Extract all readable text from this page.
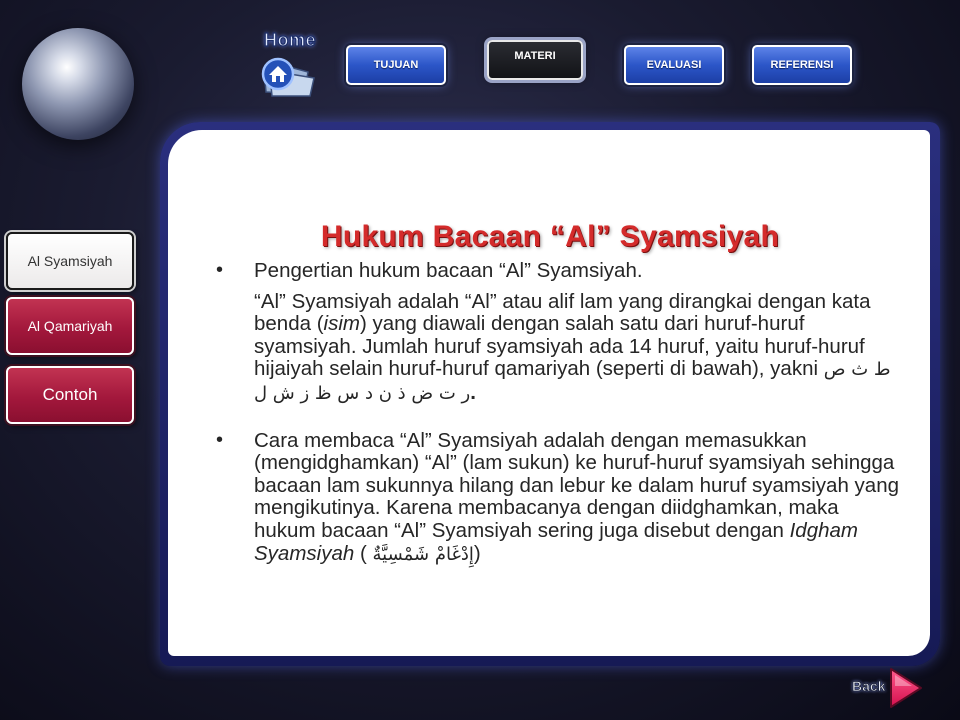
Home
TUJUAN
MATERI
EVALUASI	REFERENSI
Al Syamsiyah
Al Qamariyah
Contoh
Hukum Bacaan “Al” Syamsiyah
• Pengertian hukum bacaan “Al” Syamsiyah.
“Al” Syamsiyah adalah “Al” atau alif lam yang dirangkai dengan kata benda (isim) yang diawali dengan salah satu dari huruf-huruf syamsiyah. Jumlah huruf syamsiyah ada 14 huruf, yaitu huruf-huruf hijaiyah selain huruf-huruf qamariyah (seperti di bawah), yakni ط ث ص ر ت ض ذ ن د س ظ ز ش ل.
• Cara membaca “Al” Syamsiyah adalah dengan memasukkan (mengidghamkan) “Al” (lam sukun) ke huruf-huruf syamsiyah sehingga bacaan lam sukunnya hilang dan lebur ke dalam huruf syamsiyah yang mengikutinya. Karena membacanya dengan diidghamkan, maka hukum bacaan “Al” Syamsiyah sering juga disebut dengan Idgham Syamsiyah ( إِدْغَامْ شَمْسِيَّةٌ)
Back
